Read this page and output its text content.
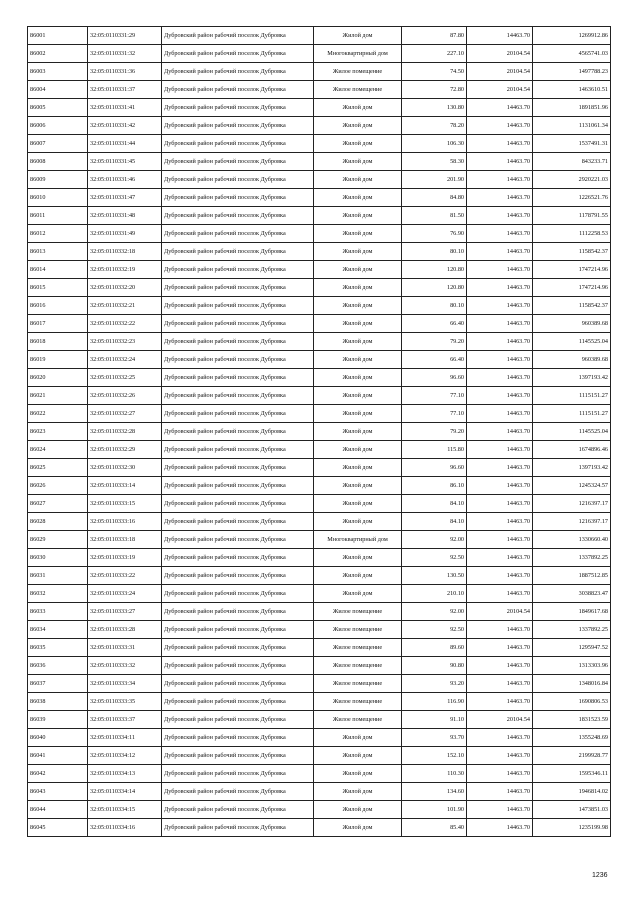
86001	32:05:0110331:29	Дубровский район рабочий поселок Дубровка	Жилой дом	87.80	14463.70	1269912.86
86002	32:05:0110331:32	Дубровский район рабочий поселок Дубровка	Многоквартирный дом	227.10	20104.54	4565741.03
86003	32:05:0110331:36	Дубровский район рабочий поселок Дубровка	Жилое помещение	74.50	20104.54	1497788.23
86004	32:05:0110331:37	Дубровский район рабочий поселок Дубровка	Жилое помещение	72.80	20104.54	1463610.51
86005	32:05:0110331:41	Дубровский район рабочий поселок Дубровка	Жилой дом	130.80	14463.70	1891851.96
86006	32:05:0110331:42	Дубровский район рабочий поселок Дубровка	Жилой дом	78.20	14463.70	1131061.34
86007	32:05:0110331:44	Дубровский район рабочий поселок Дубровка	Жилой дом	106.30	14463.70	1537491.31
86008	32:05:0110331:45	Дубровский район рабочий поселок Дубровка	Жилой дом	58.30	14463.70	843233.71
86009	32:05:0110331:46	Дубровский район рабочий поселок Дубровка	Жилой дом	201.90	14463.70	2920221.03
86010	32:05:0110331:47	Дубровский район рабочий поселок Дубровка	Жилой дом	84.80	14463.70	1226521.76
86011	32:05:0110331:48	Дубровский район рабочий поселок Дубровка	Жилой дом	81.50	14463.70	1178791.55
86012	32:05:0110331:49	Дубровский район рабочий поселок Дубровка	Жилой дом	76.90	14463.70	1112258.53
86013	32:05:0110332:18	Дубровский район рабочий поселок Дубровка	Жилой дом	80.10	14463.70	1158542.37
86014	32:05:0110332:19	Дубровский район рабочий поселок Дубровка	Жилой дом	120.80	14463.70	1747214.96
86015	32:05:0110332:20	Дубровский район рабочий поселок Дубровка	Жилой дом	120.80	14463.70	1747214.96
86016	32:05:0110332:21	Дубровский район рабочий поселок Дубровка	Жилой дом	80.10	14463.70	1158542.37
86017	32:05:0110332:22	Дубровский район рабочий поселок Дубровка	Жилой дом	66.40	14463.70	960389.68
86018	32:05:0110332:23	Дубровский район рабочий поселок Дубровка	Жилой дом	79.20	14463.70	1145525.04
86019	32:05:0110332:24	Дубровский район рабочий поселок Дубровка	Жилой дом	66.40	14463.70	960389.68
86020	32:05:0110332:25	Дубровский район рабочий поселок Дубровка	Жилой дом	96.60	14463.70	1397193.42
86021	32:05:0110332:26	Дубровский район рабочий поселок Дубровка	Жилой дом	77.10	14463.70	1115151.27
86022	32:05:0110332:27	Дубровский район рабочий поселок Дубровка	Жилой дом	77.10	14463.70	1115151.27
86023	32:05:0110332:28	Дубровский район рабочий поселок Дубровка	Жилой дом	79.20	14463.70	1145525.04
86024	32:05:0110332:29	Дубровский район рабочий поселок Дубровка	Жилой дом	115.80	14463.70	1674896.46
86025	32:05:0110332:30	Дубровский район рабочий поселок Дубровка	Жилой дом	96.60	14463.70	1397193.42
86026	32:05:0110333:14	Дубровский район рабочий поселок Дубровка	Жилой дом	86.10	14463.70	1245324.57
86027	32:05:0110333:15	Дубровский район рабочий поселок Дубровка	Жилой дом	84.10	14463.70	1216397.17
86028	32:05:0110333:16	Дубровский район рабочий поселок Дубровка	Жилой дом	84.10	14463.70	1216397.17
86029	32:05:0110333:18	Дубровский район рабочий поселок Дубровка	Многоквартирный дом	92.00	14463.70	1330660.40
86030	32:05:0110333:19	Дубровский район рабочий поселок Дубровка	Жилой дом	92.50	14463.70	1337892.25
86031	32:05:0110333:22	Дубровский район рабочий поселок Дубровка	Жилой дом	130.50	14463.70	1887512.85
86032	32:05:0110333:24	Дубровский район рабочий поселок Дубровка	Жилой дом	210.10	14463.70	3038823.47
86033	32:05:0110333:27	Дубровский район рабочий поселок Дубровка	Жилое помещение	92.00	20104.54	1849617.68
86034	32:05:0110333:28	Дубровский район рабочий поселок Дубровка	Жилое помещение	92.50	14463.70	1337892.25
86035	32:05:0110333:31	Дубровский район рабочий поселок Дубровка	Жилое помещение	89.60	14463.70	1295947.52
86036	32:05:0110333:32	Дубровский район рабочий поселок Дубровка	Жилое помещение	90.80	14463.70	1313303.96
86037	32:05:0110333:34	Дубровский район рабочий поселок Дубровка	Жилое помещение	93.20	14463.70	1348016.84
86038	32:05:0110333:35	Дубровский район рабочий поселок Дубровка	Жилое помещение	116.90	14463.70	1690806.53
86039	32:05:0110333:37	Дубровский район рабочий поселок Дубровка	Жилое помещение	91.10	20104.54	1831523.59
86040	32:05:0110334:11	Дубровский район рабочий поселок Дубровка	Жилой дом	93.70	14463.70	1355248.69
86041	32:05:0110334:12	Дубровский район рабочий поселок Дубровка	Жилой дом	152.10	14463.70	2199928.77
86042	32:05:0110334:13	Дубровский район рабочий поселок Дубровка	Жилой дом	110.30	14463.70	1595346.11
86043	32:05:0110334:14	Дубровский район рабочий поселок Дубровка	Жилой дом	134.60	14463.70	1946814.02
86044	32:05:0110334:15	Дубровский район рабочий поселок Дубровка	Жилой дом	101.90	14463.70	1473851.03
86045	32:05:0110334:16	Дубровский район рабочий поселок Дубровка	Жилой дом	85.40	14463.70	1235199.98
1236
